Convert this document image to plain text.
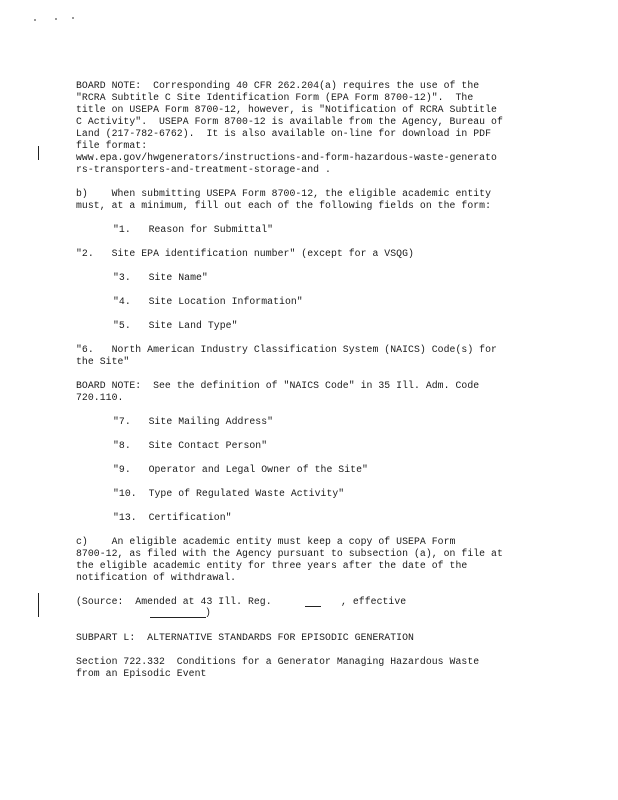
BOARD NOTE:  Corresponding 40 CFR 262.204(a) requires the use of the
"RCRA Subtitle C Site Identification Form (EPA Form 8700-12)".  The
title on USEPA Form 8700-12, however, is "Notification of RCRA Subtitle
C Activity".  USEPA Form 8700-12 is available from the Agency, Bureau of
Land (217-782-6762).  It is also available on-line for download in PDF
file format:
www.epa.gov/hwgenerators/instructions-and-form-hazardous-waste-generato
rs-transporters-and-treatment-storage-and .
b)    When submitting USEPA Form 8700-12, the eligible academic entity
must, at a minimum, fill out each of the following fields on the form:
"1.   Reason for Submittal"
"2.   Site EPA identification number" (except for a VSQG)
"3.   Site Name"
"4.   Site Location Information"
"5.   Site Land Type"
"6.   North American Industry Classification System (NAICS) Code(s) for
the Site"
BOARD NOTE:  See the definition of "NAICS Code" in 35 Ill. Adm. Code
720.110.
"7.   Site Mailing Address"
"8.   Site Contact Person"
"9.   Operator and Legal Owner of the Site"
"10.  Type of Regulated Waste Activity"
"13.  Certification"
c)    An eligible academic entity must keep a copy of USEPA Form
8700-12, as filed with the Agency pursuant to subsection (a), on file at
the eligible academic entity for three years after the date of the
notification of withdrawal.
(Source:  Amended at 43 Ill. Reg.	, effective
)
SUBPART L:  ALTERNATIVE STANDARDS FOR EPISODIC GENERATION
Section 722.332  Conditions for a Generator Managing Hazardous Waste
from an Episodic Event
